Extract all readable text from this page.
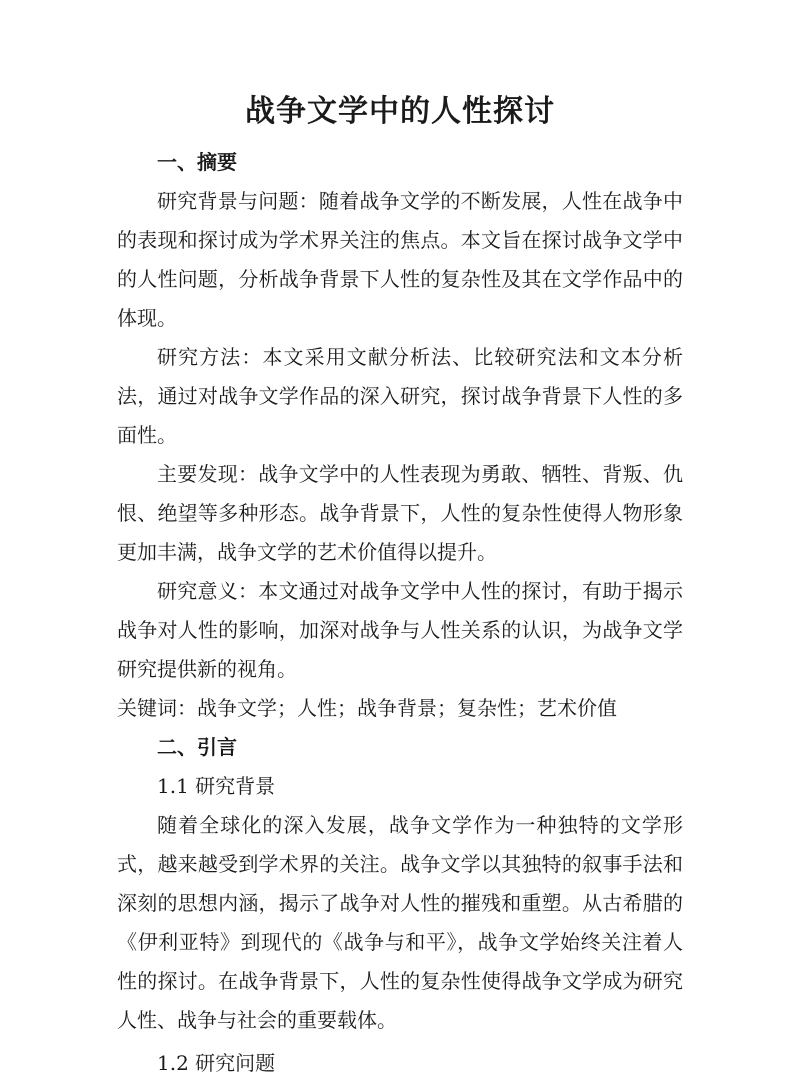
战争文学中的人性探讨
一、摘要

研究背景与问题：随着战争文学的不断发展，人性在战争中的表现和探讨成为学术界关注的焦点。本文旨在探讨战争文学中的人性问题，分析战争背景下人性的复杂性及其在文学作品中的体现。

研究方法：本文采用文献分析法、比较研究法和文本分析法，通过对战争文学作品的深入研究，探讨战争背景下人性的多面性。

主要发现：战争文学中的人性表现为勇敢、牺牲、背叛、仇恨、绝望等多种形态。战争背景下，人性的复杂性使得人物形象更加丰满，战争文学的艺术价值得以提升。

研究意义：本文通过对战争文学中人性的探讨，有助于揭示战争对人性的影响，加深对战争与人性关系的认识，为战争文学研究提供新的视角。

关键词：战争文学；人性；战争背景；复杂性；艺术价值

二、引言
1.1 研究背景

随着全球化的深入发展，战争文学作为一种独特的文学形式，越来越受到学术界的关注。战争文学以其独特的叙事手法和深刻的思想内涵，揭示了战争对人性的摧残和重塑。从古希腊的《伊利亚特》到现代的《战争与和平》，战争文学始终关注着人性的探讨。在战争背景下，人性的复杂性使得战争文学成为研究人性、战争与社会的重要载体。

1.2 研究问题
